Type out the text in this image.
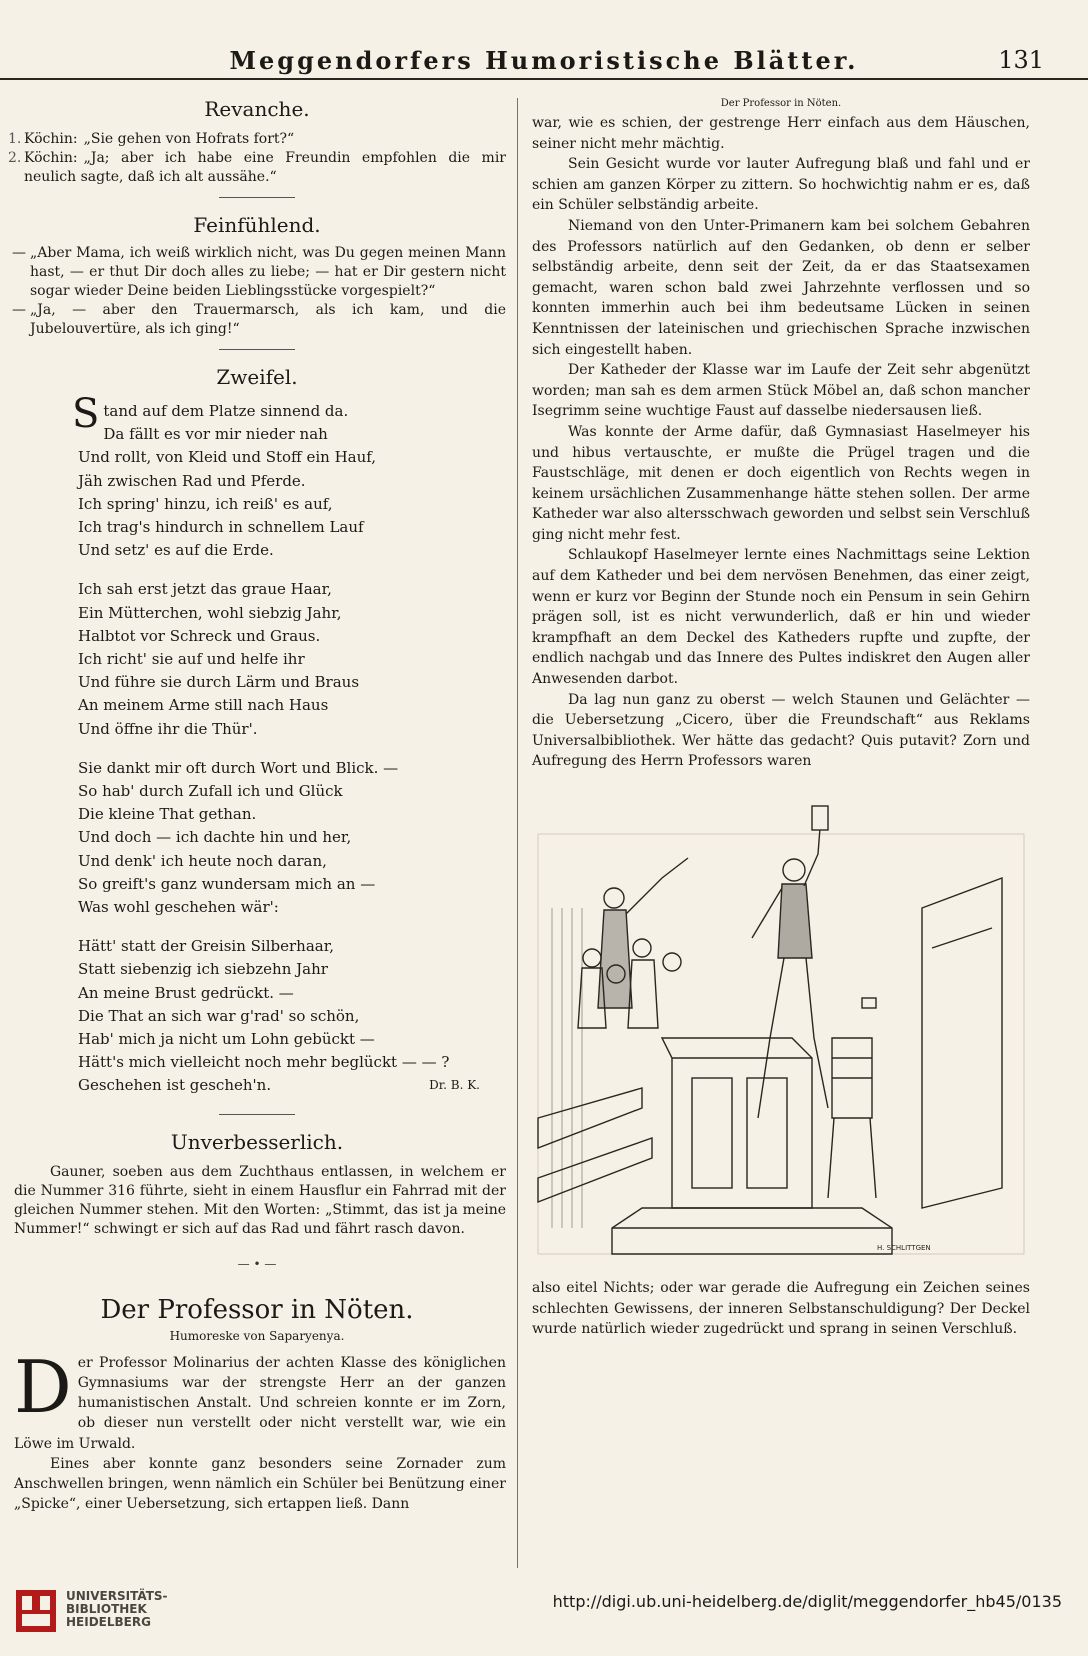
Meggendorfers Humoristische Blätter.	131
Revanche.
1. Köchin: „Sie gehen von Hofrats fort?“
2. Köchin: „Ja; aber ich habe eine Freundin empfohlen die mir neulich sagte, daß ich alt aussähe.“
Feinfühlend.
— „Aber Mama, ich weiß wirklich nicht, was Du gegen meinen Mann hast, — er thut Dir doch alles zu liebe; — hat er Dir gestern nicht sogar wieder Deine beiden Lieblingsstücke vorgespielt?“
— „Ja, — aber den Trauermarsch, als ich kam, und die Jubelouvertüre, als ich ging!“
Zweifel.
S tand auf dem Platze sinnend da.
Da fällt es vor mir nieder nah
Und rollt, von Kleid und Stoff ein Hauf,
Jäh zwischen Rad und Pferde.
Ich spring' hinzu, ich reiß' es auf,
Ich trag's hindurch in schnellem Lauf
Und setz' es auf die Erde.
Ich sah erst jetzt das graue Haar,
Ein Mütterchen, wohl siebzig Jahr,
Halbtot vor Schreck und Graus.
Ich richt' sie auf und helfe ihr
Und führe sie durch Lärm und Braus
An meinem Arme still nach Haus
Und öffne ihr die Thür'.
Sie dankt mir oft durch Wort und Blick. —
So hab' durch Zufall ich und Glück
Die kleine That gethan.
Und doch — ich dachte hin und her,
Und denk' ich heute noch daran,
So greift's ganz wundersam mich an —
Was wohl geschehen wär':
Hätt' statt der Greisin Silberhaar,
Statt siebenzig ich siebzehn Jahr
An meine Brust gedrückt. —
Die That an sich war g'rad' so schön,
Hab' mich ja nicht um Lohn gebückt —
Hätt's mich vielleicht noch mehr beglückt — — ?
Geschehen ist gescheh'n.	Dr. B. K.
Unverbesserlich.
Gauner, soeben aus dem Zuchthaus entlassen, in welchem er die Nummer 316 führte, sieht in einem Hausflur ein Fahrrad mit der gleichen Nummer stehen. Mit den Worten: „Stimmt, das ist ja meine Nummer!“ schwingt er sich auf das Rad und fährt rasch davon.
— • —
Der Professor in Nöten.
Humoreske von Saparyenya.
D er Professor Molinarius der achten Klasse des königlichen Gymnasiums war der strengste Herr an der ganzen humanistischen Anstalt. Und schreien konnte er im Zorn, ob dieser nun verstellt oder nicht verstellt war, wie ein Löwe im Urwald.

Eines aber konnte ganz besonders seine Zornader zum Anschwellen bringen, wenn nämlich ein Schüler bei Benützung einer „Spicke“, einer Uebersetzung, sich ertappen ließ. Dann

Der Professor in Nöten.

war, wie es schien, der gestrenge Herr einfach aus dem Häuschen, seiner nicht mehr mächtig.

Sein Gesicht wurde vor lauter Aufregung blaß und fahl und er schien am ganzen Körper zu zittern. So hochwichtig nahm er es, daß ein Schüler selbständig arbeite.

Niemand von den Unter-Primanern kam bei solchem Gebahren des Professors natürlich auf den Gedanken, ob denn er selber selbständig arbeite, denn seit der Zeit, da er das Staatsexamen gemacht, waren schon bald zwei Jahrzehnte verflossen und so konnten immerhin auch bei ihm bedeutsame Lücken in seinen Kenntnissen der lateinischen und griechischen Sprache inzwischen sich eingestellt haben.

Der Katheder der Klasse war im Laufe der Zeit sehr abgenützt worden; man sah es dem armen Stück Möbel an, daß schon mancher Isegrimm seine wuchtige Faust auf dasselbe niedersausen ließ.

Was konnte der Arme dafür, daß Gymnasiast Haselmeyer his und hibus vertauschte, er mußte die Prügel tragen und die Faustschläge, mit denen er doch eigentlich von Rechts wegen in keinem ursächlichen Zusammenhange hätte stehen sollen. Der arme Katheder war also altersschwach geworden und selbst sein Verschluß ging nicht mehr fest.

Schlaukopf Haselmeyer lernte eines Nachmittags seine Lektion auf dem Katheder und bei dem nervösen Benehmen, das einer zeigt, wenn er kurz vor Beginn der Stunde noch ein Pensum in sein Gehirn prägen soll, ist es nicht verwunderlich, daß er hin und wieder krampfhaft an dem Deckel des Katheders rupfte und zupfte, der endlich nachgab und das Innere des Pultes indiskret den Augen aller Anwesenden darbot.

Da lag nun ganz zu oberst — welch Staunen und Gelächter — die Uebersetzung „Cicero, über die Freundschaft“ aus Reklams Universalbibliothek. Wer hätte das gedacht? Quis putavit? Zorn und Aufregung des Herrn Professors waren

H. SCHLITTGEN

also eitel Nichts; oder war gerade die Aufregung ein Zeichen seines schlechten Gewissens, der inneren Selbstanschuldigung? Der Deckel wurde natürlich wieder zugedrückt und sprang in seinen Verschluß.

UNIVERSITÄTS-
BIBLIOTHEK
HEIDELBERG
http://digi.ub.uni-heidelberg.de/diglit/meggendorfer_hb45/0135
